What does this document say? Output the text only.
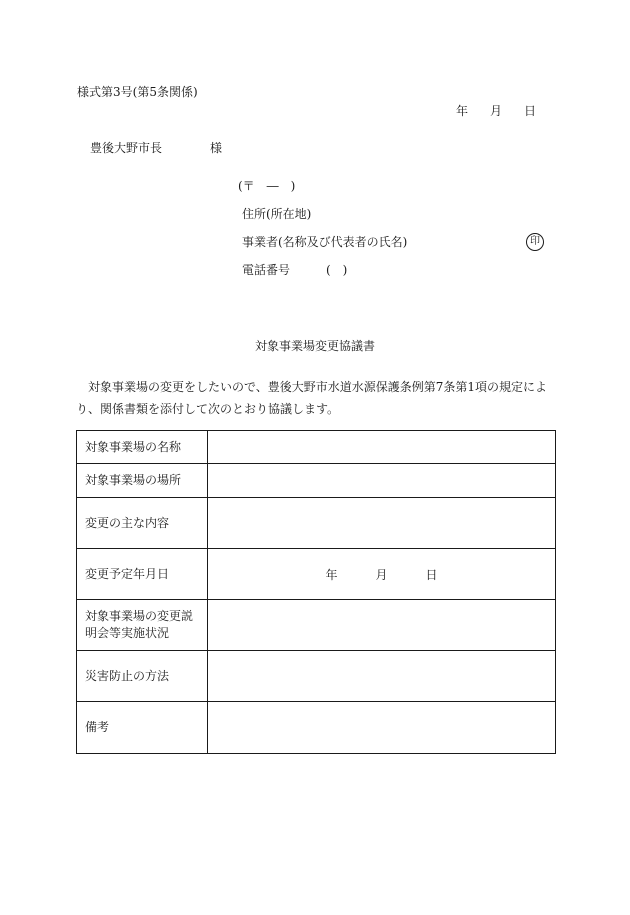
様式第3号(第5条関係)
年 月 日
豊後大野市長	様
(〒　―　)
住所(所在地)
事業者(名称及び代表者の氏名)	印
電話番号	(　)
対象事業場変更協議書

対象事業場の変更をしたいので、豊後大野市水道水源保護条例第7条第1項の規定により、関係書類を添付して次のとおり協議します。

対象事業場の名称	
対象事業場の場所	
変更の主な内容	
変更予定年月日	年 月 日
対象事業場の変更説明会等実施状況	
災害防止の方法	
備考	
